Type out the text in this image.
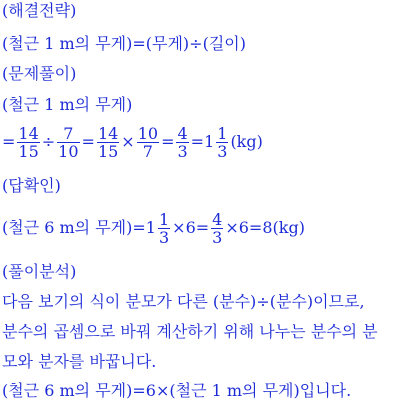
(해결전략)
(철근 1 m의 무게)=(무게)÷(길이)
(문제풀이)
(철근 1 m의 무게)
= $\frac{14}{15} \div \frac{7}{10} = \frac{14}{15} \times \frac{10}{7} = \frac{4}{3} =1 \frac{1}{3} (kg)$
(답확인)
(철근 6 m의 무게)$=1 \frac{1}{3} \times 6= \frac{4}{3} \times 6=8(kg)$
(풀이분석)
다음 보기의 식이 분모가 다른 (분수)÷(분수)이므로,
분수의 곱셈으로 바꿔 계산하기 위해 나누는 분수의 분
모와 분자를 바꿉니다.
(철근 6 m의 무게)=6×(철근 1 m의 무게)입니다.
